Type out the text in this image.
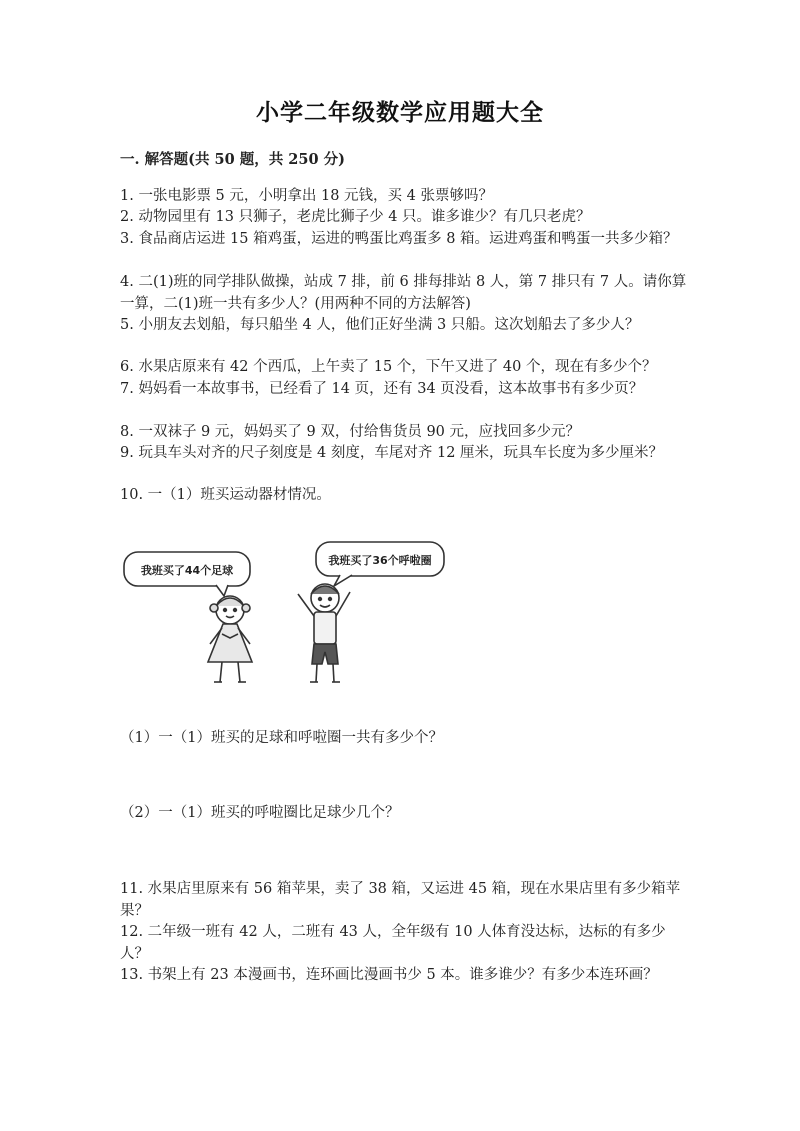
小学二年级数学应用题大全
一. 解答题(共 50 题，共 250 分)
1. 一张电影票 5 元，小明拿出 18 元钱，买 4 张票够吗？
2. 动物园里有 13 只狮子，老虎比狮子少 4 只。谁多谁少？有几只老虎？
3. 食品商店运进 15 箱鸡蛋，运进的鸭蛋比鸡蛋多 8 箱。运进鸡蛋和鸭蛋一共多少箱？
4. 二(1)班的同学排队做操，站成 7 排，前 6 排每排站 8 人，第 7 排只有 7 人。请你算一算，二(1)班一共有多少人？(用两种不同的方法解答)
5. 小朋友去划船，每只船坐 4 人，他们正好坐满 3 只船。这次划船去了多少人？
6. 水果店原来有 42 个西瓜，上午卖了 15 个，下午又进了 40 个，现在有多少个？
7. 妈妈看一本故事书，已经看了 14 页，还有 34 页没看，这本故事书有多少页？
8. 一双袜子 9 元，妈妈买了 9 双，付给售货员 90 元，应找回多少元？
9. 玩具车头对齐的尺子刻度是 4 刻度，车尾对齐 12 厘米，玩具车长度为多少厘米？
10. 一（1）班买运动器材情况。
我班买了44个足球
我班买了36个呼啦圈
（1）一（1）班买的足球和呼啦圈一共有多少个？
（2）一（1）班买的呼啦圈比足球少几个？
11. 水果店里原来有 56 箱苹果，卖了 38 箱，又运进 45 箱，现在水果店里有多少箱苹果？
12. 二年级一班有 42 人，二班有 43 人，全年级有 10 人体育没达标，达标的有多少人？
13. 书架上有 23 本漫画书，连环画比漫画书少 5 本。谁多谁少？有多少本连环画？
